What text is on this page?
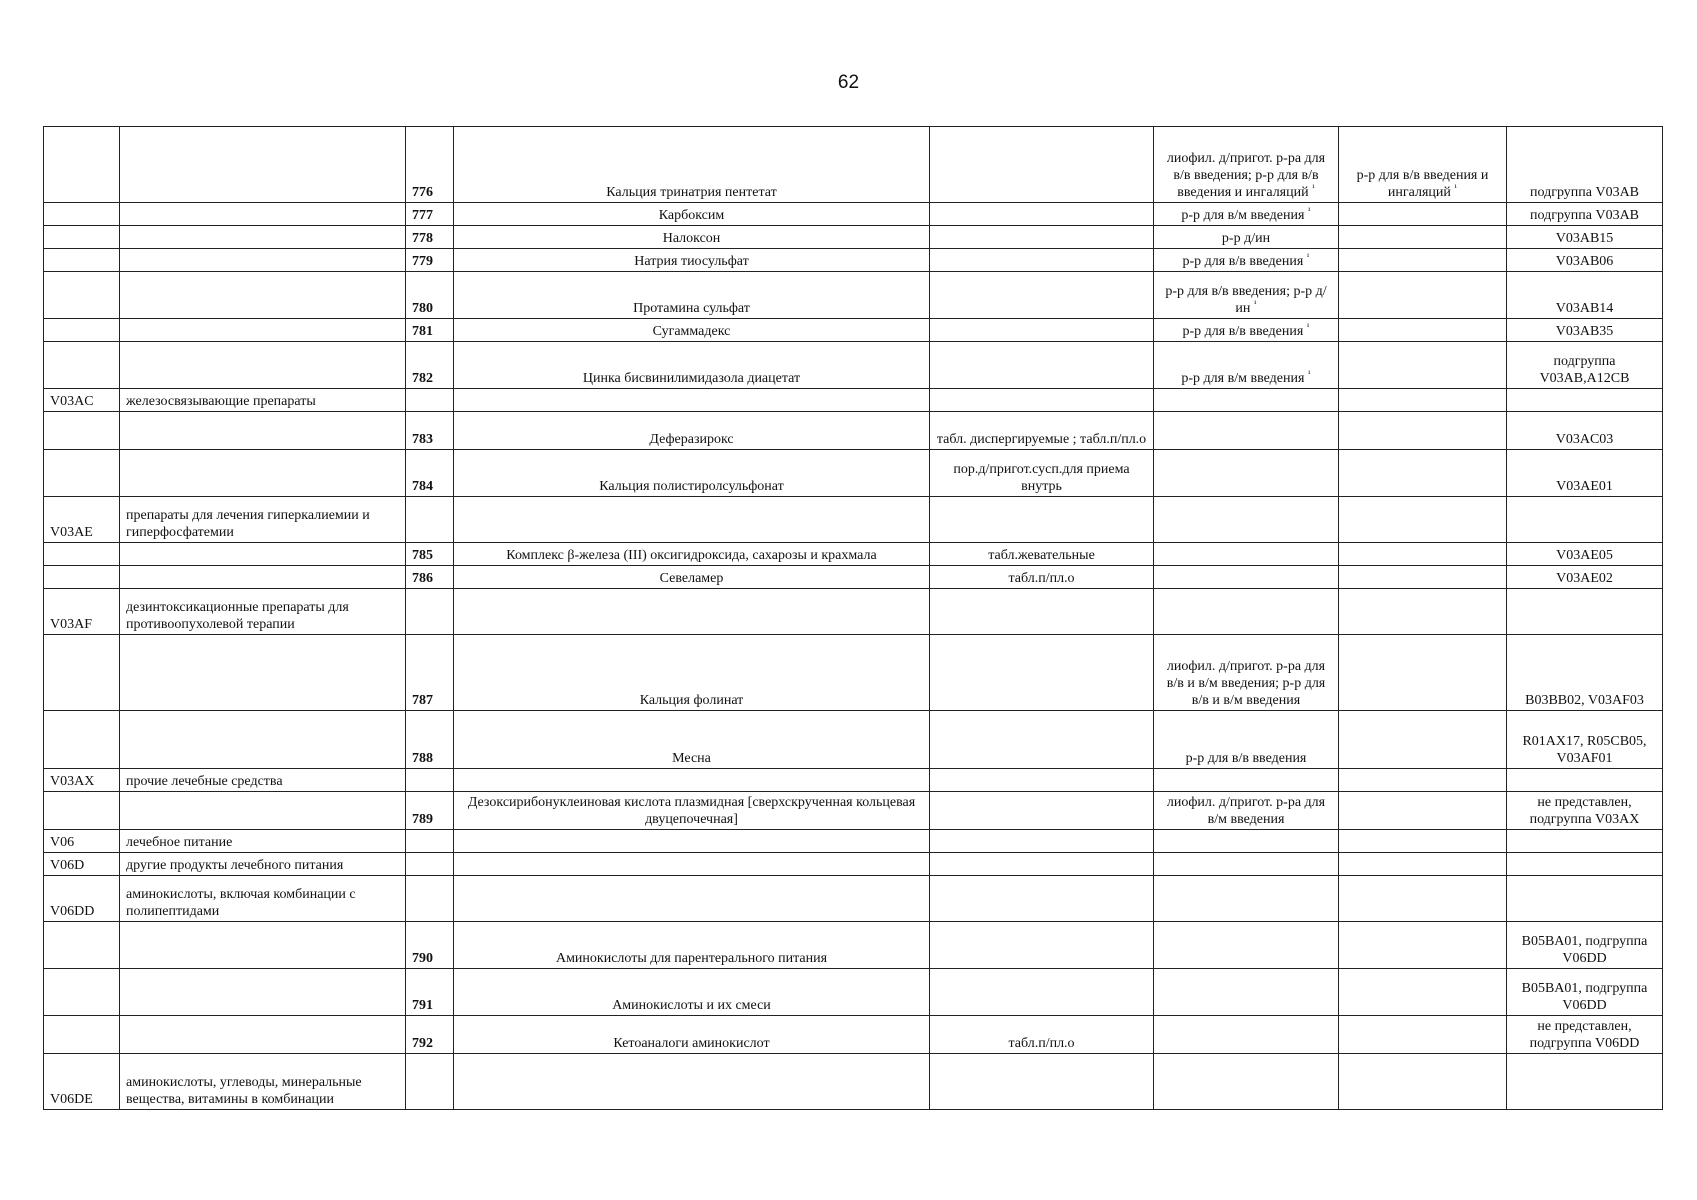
62
		776	Кальция тринатрия пентетат		лиофил. д/пригот. р-ра для в/в введения; р-р для в/в введения и ингаляций $^{^1}$	р-р для в/в введения и ингаляций $^{^1}$	подгруппа V03AB
		777	Карбоксим		р-р для в/м введения $^{^1}$		подгруппа V03AB
		778	Налоксон		р-р д/ин		V03AB15
		779	Натрия тиосульфат		р-р для в/в введения $^{^1}$		V03AB06
		780	Протамина сульфат		р-р для в/в введения; р-р д/ин $^{^1}$		V03AB14
		781	Сугаммадекс		р-р для в/в введения $^{^1}$		V03AB35
		782	Цинка бисвинилимидазола диацетат		р-р для в/м введения $^{^1}$		подгруппа V03AB,A12CB
V03AC	железосвязывающие препараты						
		783	Деферазирокс	табл. диспергируемые ; табл.п/пл.о			V03AC03
		784	Кальция полистиролсульфонат	пор.д/пригот.сусп.для приема внутрь			V03AE01
V03AE	препараты для лечения гиперкалиемии и гиперфосфатемии						
		785	Комплекс β-железа (III) оксигидроксида, сахарозы и крахмала	табл.жевательные			V03AE05
		786	Севеламер	табл.п/пл.о			V03AE02
V03AF	дезинтоксикационные препараты для противоопухолевой терапии						
		787	Кальция фолинат		лиофил. д/пригот. р-ра для в/в и в/м введения; р-р для в/в и в/м введения		B03BB02, V03AF03
		788	Месна		р-р для в/в введения		R01AX17, R05CB05, V03AF01
V03AX	прочие лечебные средства						
		789	Дезоксирибонуклеиновая кислота плазмидная [сверхскрученная кольцевая двуцепочечная]		лиофил. д/пригот. р-ра для в/м введения		не представлен, подгруппа V03AX
V06	лечебное питание						
V06D	другие продукты лечебного питания						
V06DD	аминокислоты, включая комбинации с полипептидами						
		790	Аминокислоты для парентерального питания				B05BA01, подгруппа V06DD
		791	Аминокислоты и их смеси				B05BA01, подгруппа V06DD
		792	Кетоаналоги аминокислот	табл.п/пл.о			не представлен, подгруппа V06DD
V06DE	аминокислоты, углеводы, минеральные вещества, витамины в комбинации						
